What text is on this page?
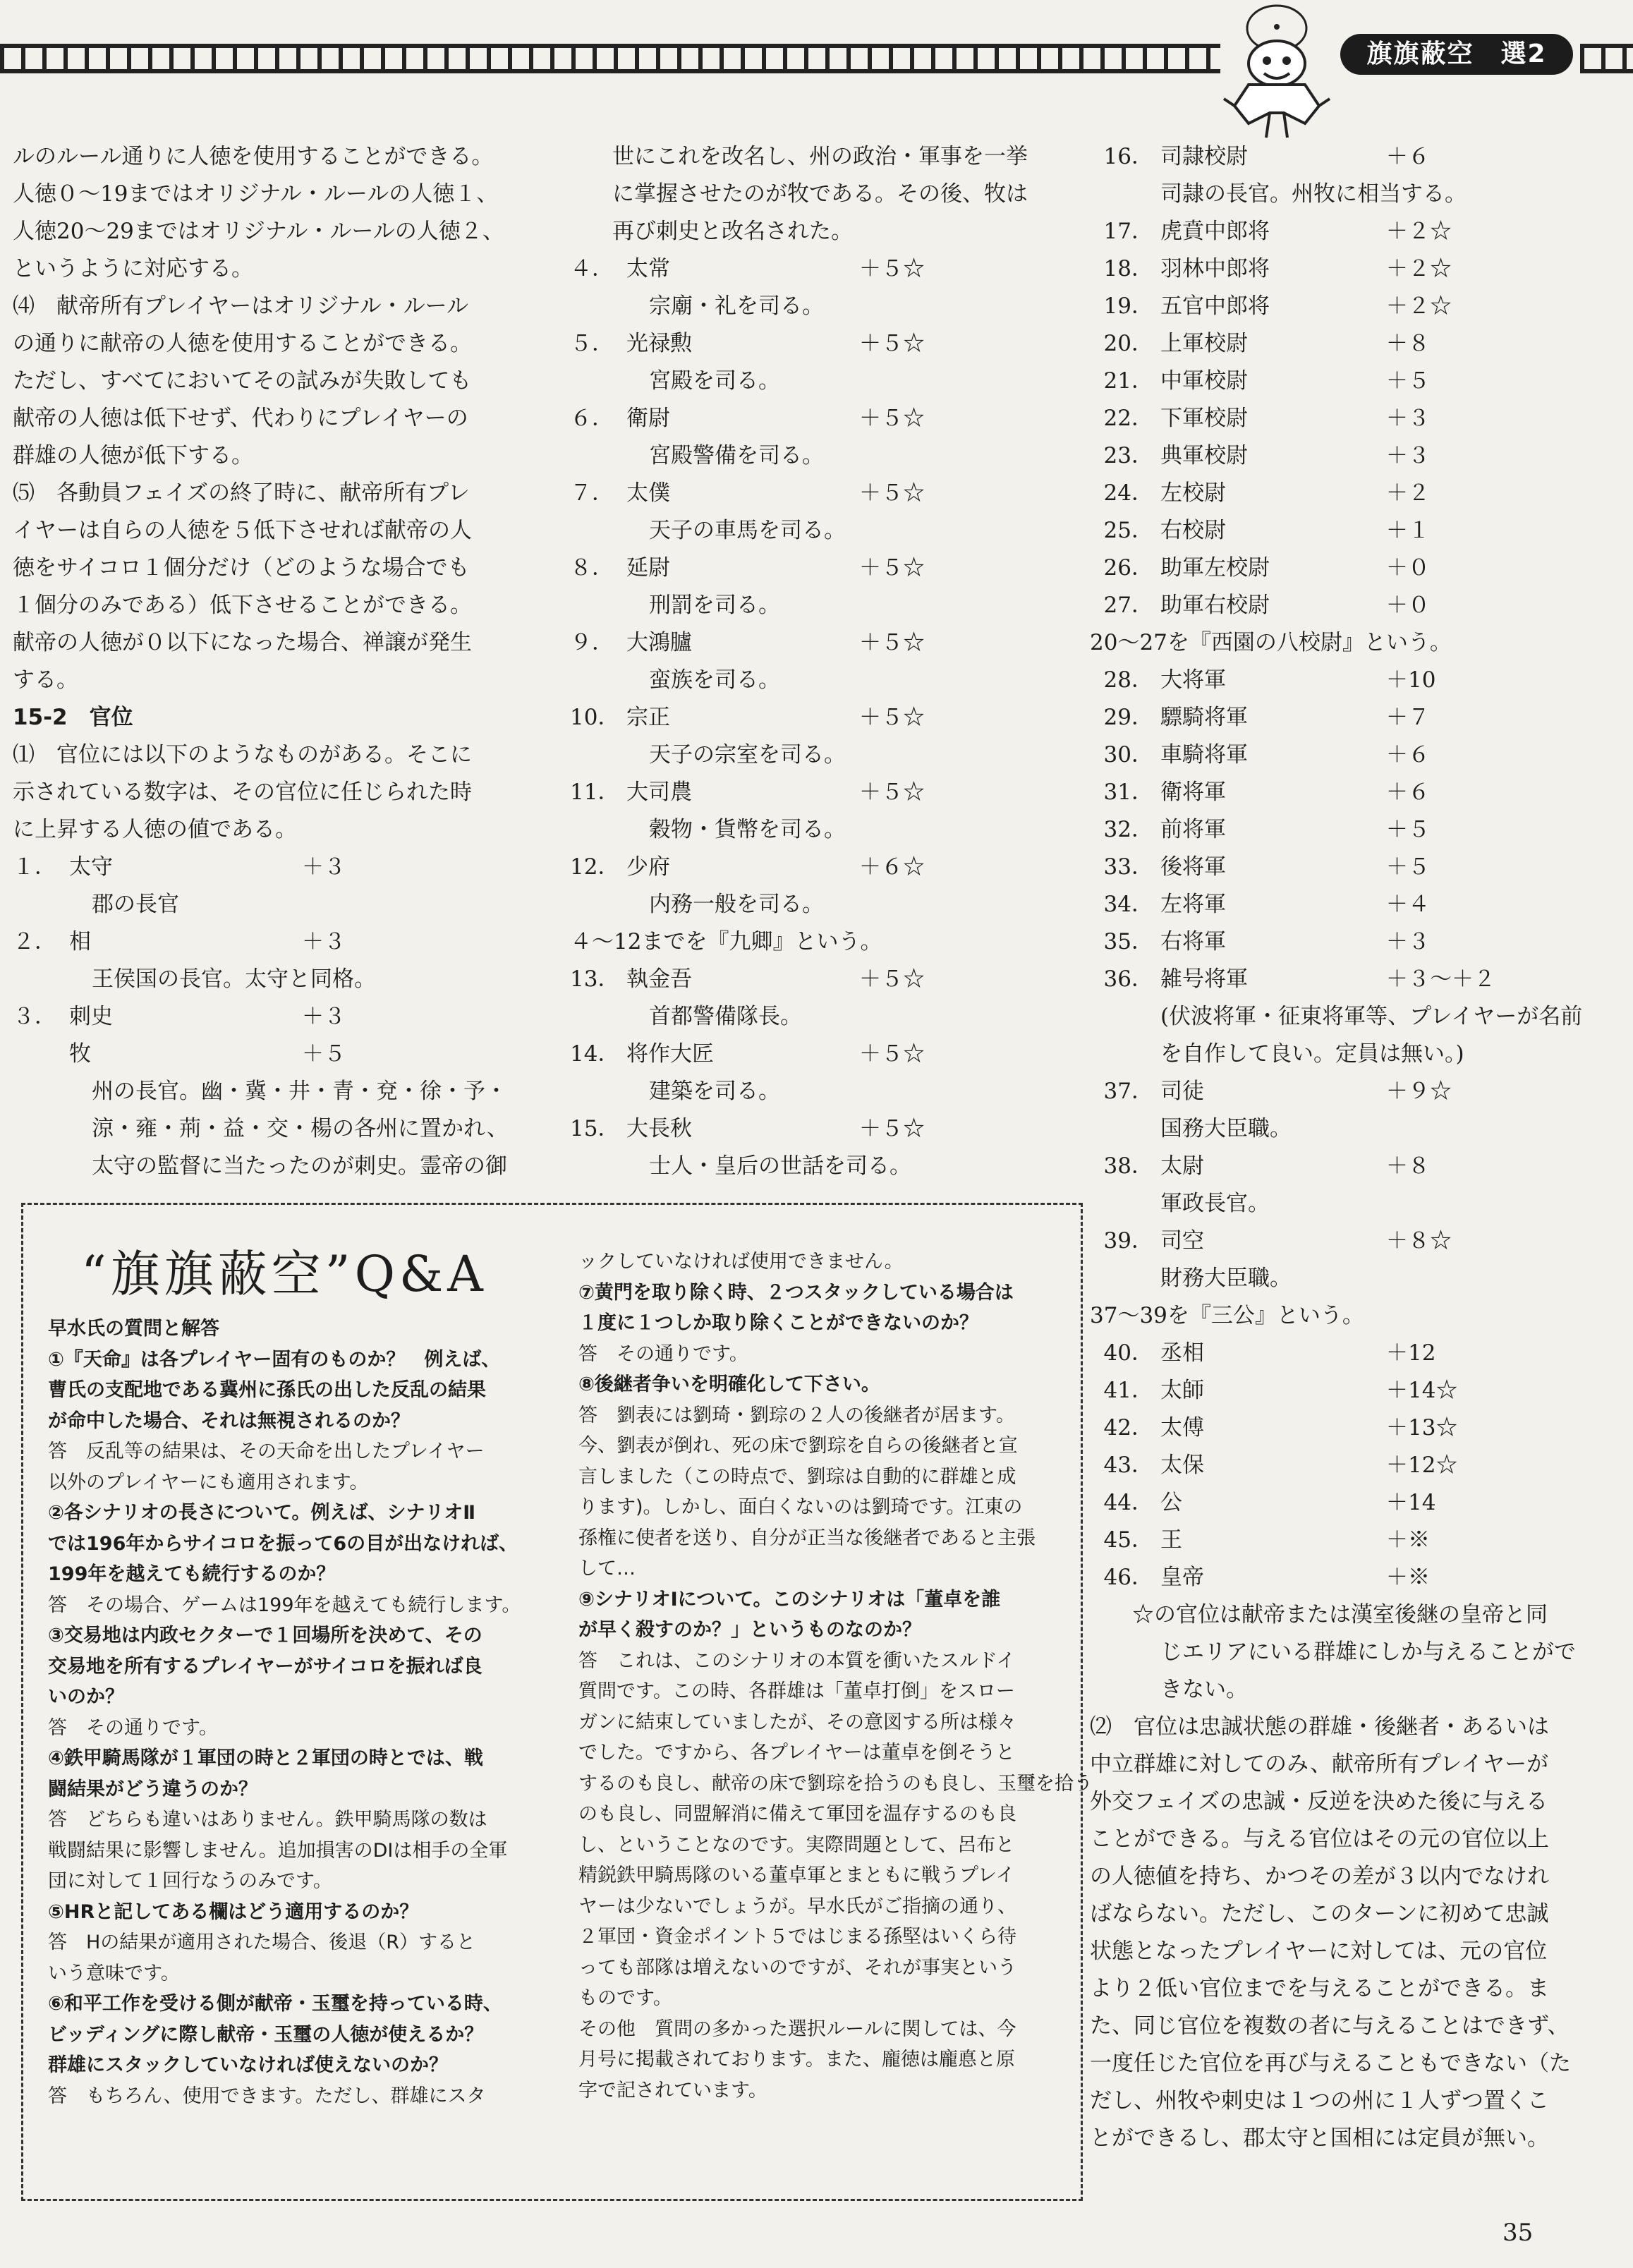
旗旗蔽空　選2

ルのルール通りに人徳を使用することができる。

人徳０～19まではオリジナル・ルールの人徳１、

人徳20～29まではオリジナル・ルールの人徳２、

というように対応する。

⑷　献帝所有プレイヤーはオリジナル・ルール

の通りに献帝の人徳を使用することができる。

ただし、すべてにおいてその試みが失敗しても

献帝の人徳は低下せず、代わりにプレイヤーの

群雄の人徳が低下する。

⑸　各動員フェイズの終了時に、献帝所有プレ

イヤーは自らの人徳を５低下させれば献帝の人

徳をサイコロ１個分だけ（どのような場合でも

１個分のみである）低下させることができる。

献帝の人徳が０以下になった場合、禅譲が発生

する。

15-2　官位

⑴　官位には以下のようなものがある。そこに

示されている数字は、その官位に任じられた時

に上昇する人徳の値である。

１． 太守	＋３

郡の長官

２． 相	＋３

王侯国の長官。太守と同格。

３． 刺史	＋３
牧	＋５

州の長官。幽・冀・井・青・兗・徐・予・

涼・雍・荊・益・交・楊の各州に置かれ、

太守の監督に当たったのが刺史。霊帝の御

世にこれを改名し、州の政治・軍事を一挙

に掌握させたのが牧である。その後、牧は

再び刺史と改名された。

４． 太常	＋５☆

宗廟・礼を司る。

５． 光禄勲	＋５☆

宮殿を司る。

６． 衛尉	＋５☆

宮殿警備を司る。

７． 太僕	＋５☆

天子の車馬を司る。

８． 延尉	＋５☆

刑罰を司る。

９． 大鴻臚	＋５☆

蛮族を司る。

10． 宗正	＋５☆

天子の宗室を司る。

11． 大司農	＋５☆

穀物・貨幣を司る。

12． 少府	＋６☆

内務一般を司る。

４～12までを『九卿』という。

13． 執金吾	＋５☆

首都警備隊長。

14． 将作大匠	＋５☆

建築を司る。

15． 大長秋	＋５☆

士人・皇后の世話を司る。

16． 司隷校尉	＋６

司隷の長官。州牧に相当する。

17． 虎賁中郎将	＋２☆
18． 羽林中郎将	＋２☆
19． 五官中郎将	＋２☆
20． 上軍校尉	＋８
21． 中軍校尉	＋５
22． 下軍校尉	＋３
23． 典軍校尉	＋３
24． 左校尉	＋２
25． 右校尉	＋１
26． 助軍左校尉	＋０
27． 助軍右校尉	＋０

20～27を『西園の八校尉』という。

28． 大将軍	＋10
29． 驃騎将軍	＋７
30． 車騎将軍	＋６
31． 衛将軍	＋６
32． 前将軍	＋５
33． 後将軍	＋５
34． 左将軍	＋４
35． 右将軍	＋３
36． 雑号将軍	＋３～＋２

(伏波将軍・征東将軍等、プレイヤーが名前

を自作して良い。定員は無い。)

37． 司徒	＋９☆

国務大臣職。

38． 太尉	＋８

軍政長官。

39． 司空	＋８☆

財務大臣職。

37～39を『三公』という。

40． 丞相	＋12
41． 太師	＋14☆
42． 太傅	＋13☆
43． 太保	＋12☆
44． 公	＋14
45． 王	＋※
46． 皇帝	＋※

☆の官位は献帝または漢室後継の皇帝と同

じエリアにいる群雄にしか与えることがで

きない。

⑵　官位は忠誠状態の群雄・後継者・あるいは

中立群雄に対してのみ、献帝所有プレイヤーが

外交フェイズの忠誠・反逆を決めた後に与える

ことができる。与える官位はその元の官位以上

の人徳値を持ち、かつその差が３以内でなけれ

ばならない。ただし、このターンに初めて忠誠

状態となったプレイヤーに対しては、元の官位

より２低い官位までを与えることができる。ま

た、同じ官位を複数の者に与えることはできず、

一度任じた官位を再び与えることもできない（た

だし、州牧や刺史は１つの州に１人ずつ置くこ

とができるし、郡太守と国相には定員が無い。

“旗旗蔽空”Q&A

早水氏の質問と解答

①『天命』は各プレイヤー固有のものか？　例えば、

曹氏の支配地である冀州に孫氏の出した反乱の結果

が命中した場合、それは無視されるのか？

答　反乱等の結果は、その天命を出したプレイヤー

以外のプレイヤーにも適用されます。

②各シナリオの長さについて。例えば、シナリオⅡ

では196年からサイコロを振って6の目が出なければ、

199年を越えても続行するのか？

答　その場合、ゲームは199年を越えても続行します。

③交易地は内政セクターで１回場所を決めて、その

交易地を所有するプレイヤーがサイコロを振れば良

いのか？

答　その通りです。

④鉄甲騎馬隊が１軍団の時と２軍団の時とでは、戦

闘結果がどう違うのか？

答　どちらも違いはありません。鉄甲騎馬隊の数は

戦闘結果に影響しません。追加損害のDIは相手の全軍

団に対して１回行なうのみです。

⑤HRと記してある欄はどう適用するのか？

答　Hの結果が適用された場合、後退（R）すると

いう意味です。

⑥和平工作を受ける側が献帝・玉璽を持っている時、

ビッディングに際し献帝・玉璽の人徳が使えるか？

群雄にスタックしていなければ使えないのか？

答　もちろん、使用できます。ただし、群雄にスタ

ックしていなければ使用できません。

⑦黄門を取り除く時、２つスタックしている場合は

１度に１つしか取り除くことができないのか？

答　その通りです。

⑧後継者争いを明確化して下さい。

答　劉表には劉琦・劉琮の２人の後継者が居ます。

今、劉表が倒れ、死の床で劉琮を自らの後継者と宣

言しました（この時点で、劉琮は自動的に群雄と成

ります)。しかし、面白くないのは劉琦です。江東の

孫権に使者を送り、自分が正当な後継者であると主張

して…

⑨シナリオⅠについて。このシナリオは「董卓を誰

が早く殺すのか？」というものなのか？

答　これは、このシナリオの本質を衝いたスルドイ

質問です。この時、各群雄は「董卓打倒」をスロー

ガンに結束していましたが、その意図する所は様々

でした。ですから、各プレイヤーは董卓を倒そうと

するのも良し、献帝の床で劉琮を拾うのも良し、玉璽を拾う

のも良し、同盟解消に備えて軍団を温存するのも良

し、ということなのです。実際問題として、呂布と

精鋭鉄甲騎馬隊のいる董卓軍とまともに戦うプレイ

ヤーは少ないでしょうが。早水氏がご指摘の通り、

２軍団・資金ポイント５ではじまる孫堅はいくら待

っても部隊は増えないのですが、それが事実という

ものです。

その他　質問の多かった選択ルールに関しては、今

月号に掲載されております。また、龐徳は龐悳と原

字で記されています。

35
